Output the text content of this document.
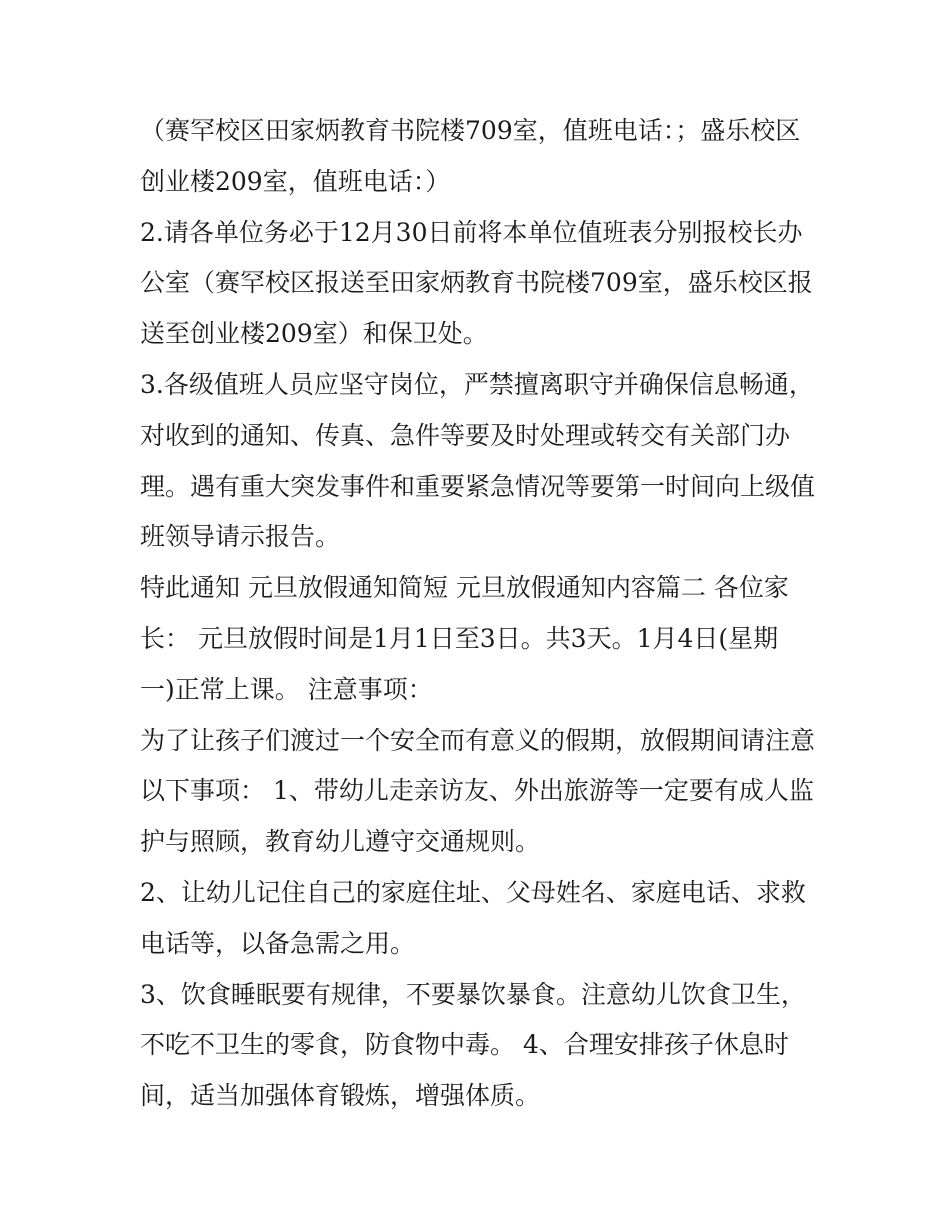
（赛罕校区田家炳教育书院楼709室，值班电话：；盛乐校区
创业楼209室，值班电话：）
2.请各单位务必于12月30日前将本单位值班表分别报校长办
公室（赛罕校区报送至田家炳教育书院楼709室，盛乐校区报
送至创业楼209室）和保卫处。
3.各级值班人员应坚守岗位，严禁擅离职守并确保信息畅通，
对收到的通知、传真、急件等要及时处理或转交有关部门办
理。遇有重大突发事件和重要紧急情况等要第一时间向上级值
班领导请示报告。
特此通知 元旦放假通知简短 元旦放假通知内容篇二 各位家
长： 元旦放假时间是1月1日至3日。共3天。1月4日(星期
一)正常上课。 注意事项：
为了让孩子们渡过一个安全而有意义的假期，放假期间请注意
以下事项： 1、带幼儿走亲访友、外出旅游等一定要有成人监
护与照顾，教育幼儿遵守交通规则。
2、让幼儿记住自己的家庭住址、父母姓名、家庭电话、求救
电话等，以备急需之用。
3、饮食睡眠要有规律，不要暴饮暴食。注意幼儿饮食卫生，
不吃不卫生的零食，防食物中毒。 4、合理安排孩子休息时
间，适当加强体育锻炼，增强体质。
